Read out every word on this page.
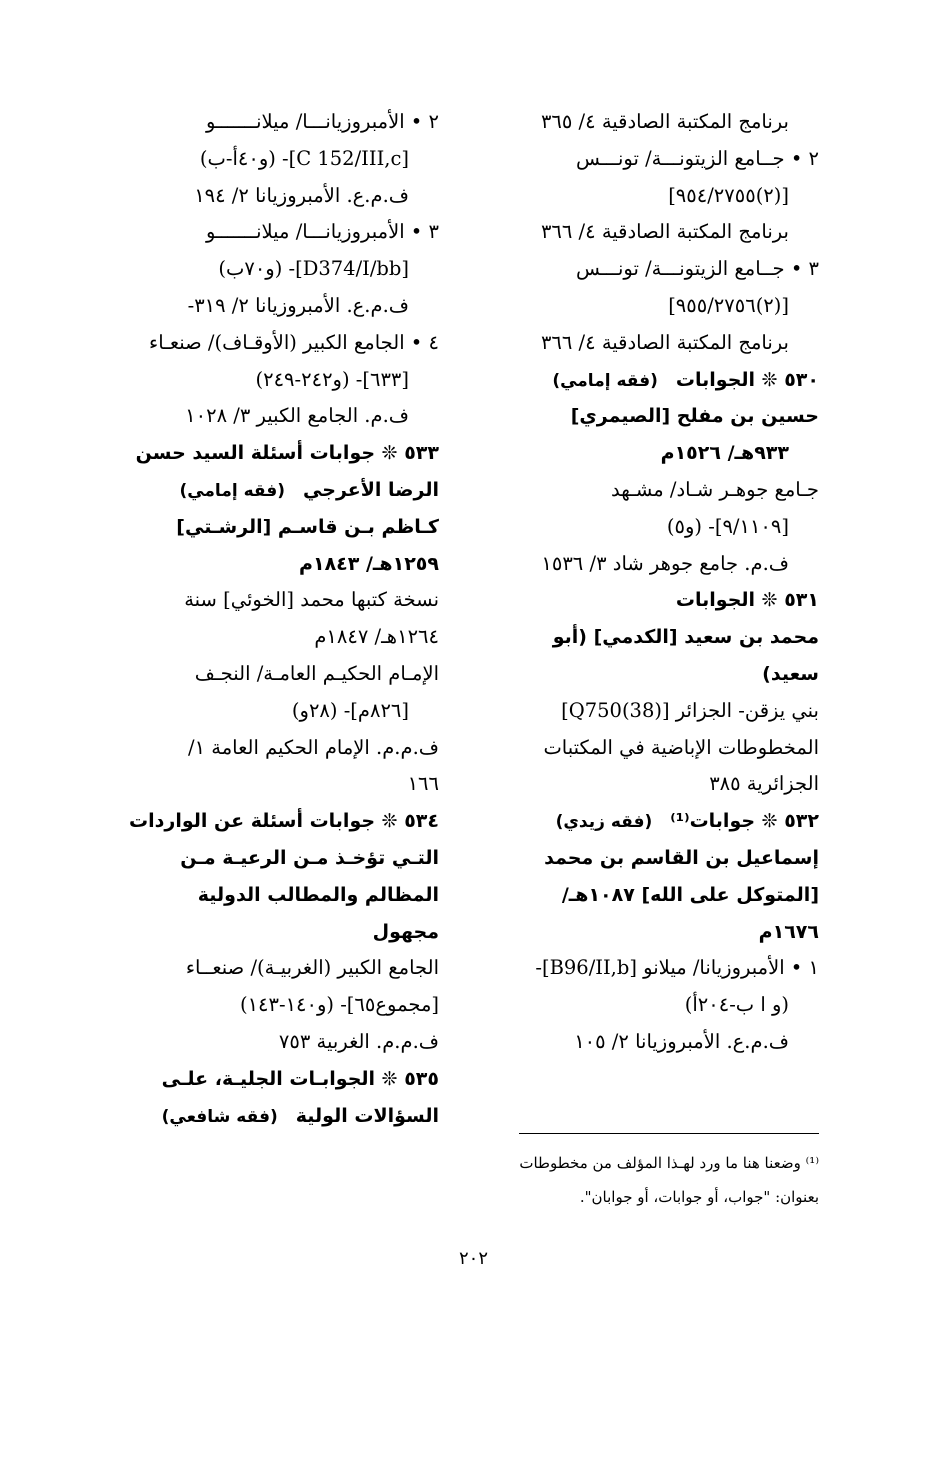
برنامج المكتبة الصادقية ٤/ ٣٦٥
٢ • جــامع الزيتونـــة/ تونـــس
[(٢)٩٥٤/٢٧٥٥]
برنامج المكتبة الصادقية ٤/ ٣٦٦
٣ • جــامع الزيتونـــة/ تونـــس
[(٢)٩٥٥/٢٧٥٦]
برنامج المكتبة الصادقية ٤/ ٣٦٦
٥٣٠ ❊ الجوابات(فقه إمامي)
حسين بن مفلح [الصيمري]
٩٣٣هـ/ ١٥٢٦م
جـامع جوهـر شـاد/ مشـهد
[٩/١١٠٩]- (و٥)
ف.م. جامع جوهر شاد ٣/ ١٥٣٦
٥٣١ ❊ الجوابات
محمد بن سعيد [الكدمي] (أبو
سعيد)
بني يزقن- الجزائر [Q750(38)]
المخطوطات الإباضية في المكتبات
الجزائرية ٣٨٥
٥٣٢ ❊ جوابات⁽¹⁾(فقه زيدي)
إسماعيل بن القاسم بن محمد
[المتوكل على الله] ١٠٨٧هـ/
١٦٧٦م
١ • الأمبروزيانا/ ميلانو [B96/II,b]-
(و ا ب-٢٠٤أ)
ف.م.ع. الأمبروزيانا ٢/ ١٠٥
٢ • الأمبروزيانـــا/ ميلانـــــــو
[C 152/III,c]- (و٤٠أ-ب)
ف.م.ع. الأمبروزيانا ٢/ ١٩٤
٣ • الأمبروزيانـــا/ ميلانـــــــو
[D374/I/bb]- (و٧٠ب)
ف.م.ع. الأمبروزيانا ٢/ ٣١٩-
٤ • الجامع الكبير (الأوقـاف)/ صنعـاء
[٦٣٣]- (و٢٤٢-٢٤٩)
ف.م. الجامع الكبير ٣/ ١٠٢٨
٥٣٣ ❊ جوابات أسئلة السيد حسن
الرضا الأعرجي(فقه إمامي)
كـاظم بـن قاسـم [الرشـتي]
١٢٥٩هـ/ ١٨٤٣م
نسخة كتبها محمد [الخوئي] سنة
١٢٦٤هـ/ ١٨٤٧م
الإمـام الحكيـم العامـة/ النجـف
[٨٢٦م]- (٢٨و)
ف.م.م. الإمام الحكيم العامة ١/
١٦٦
٥٣٤ ❊ جوابات أسئلة عن الواردات
التـي تؤخـذ مـن الرعيـة مـن
المظالم والمطالب الدولية
مجهول
الجامع الكبير (الغربيـة)/ صنعــاء
[مجموع٦٥]- (و١٤٠-١٤٣)
ف.م.م. الغربية ٧٥٣
٥٣٥ ❊ الجوابـات الجليـة، علـى
السؤالات الولية(فقه شافعي)
⁽¹⁾ وضعنا هنا ما ورد لهـذا المؤلف من مخطوطات
بعنوان: "جواب، أو جوابات، أو جوابان".
٢٠٢
